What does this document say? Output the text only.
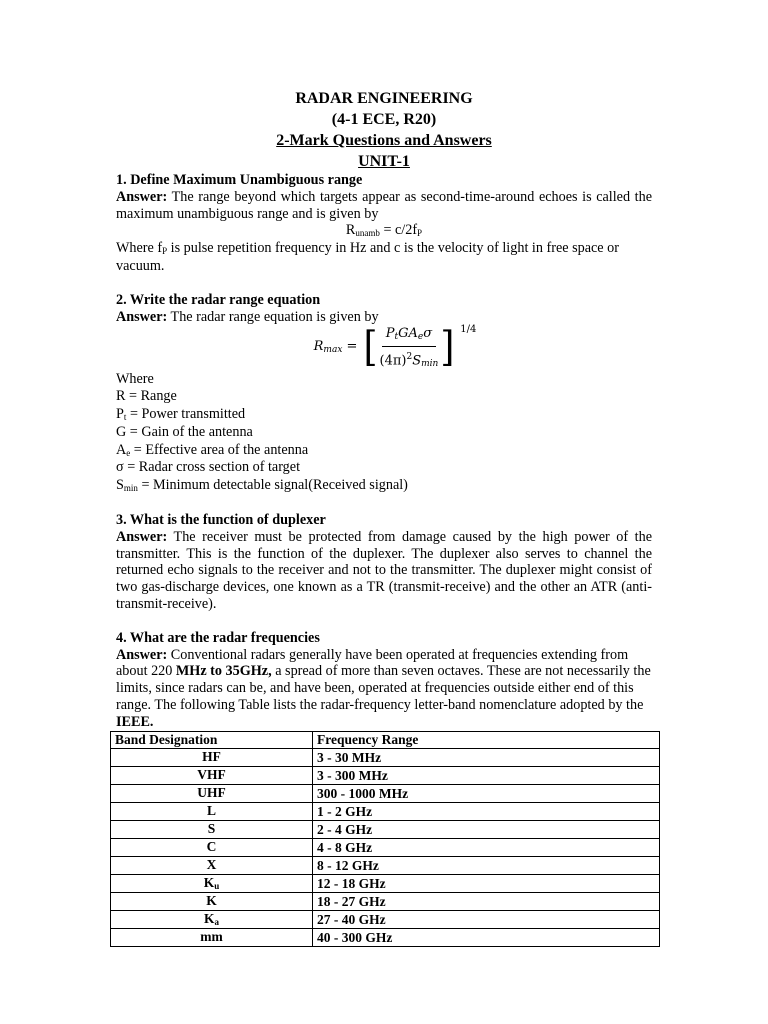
RADAR ENGINEERING
(4-1 ECE, R20)
2-Mark Questions and Answers
UNIT-1

1. Define Maximum Unambiguous range

Answer: The range beyond which targets appear as second-time-around echoes is called the maximum unambiguous range and is given by

$R_{unamb} = c/2f_P$

Where $f_P$ is pulse repetition frequency in Hz and c is the velocity of light in free space or vacuum.

2. Write the radar range equation

Answer: The radar range equation is given by

$R_{max}$ = [ $\frac{P_tGA_e\sigma}{(4\pi)^2S_{min}}$ ] 1/4

Where

R = Range

$P_t$ = Power transmitted

G = Gain of the antenna

$A_e$ = Effective area of the antenna

σ = Radar cross section of target

$S_{min}$ = Minimum detectable signal(Received signal)

3. What is the function of duplexer

Answer: The receiver must be protected from damage caused by the high power of the transmitter. This is the function of the duplexer. The duplexer also serves to channel the returned echo signals to the receiver and not to the transmitter. The duplexer might consist of two gas-discharge devices, one known as a TR (transmit-receive) and the other an ATR (anti-transmit-receive).

4. What are the radar frequencies

Answer: Conventional radars generally have been operated at frequencies extending from about 220 MHz to 35GHz, a spread of more than seven octaves. These are not necessarily the limits, since radars can be, and have been, operated at frequencies outside either end of this range. The following Table lists the radar-frequency letter-band nomenclature adopted by the IEEE.

Band Designation	Frequency Range
HF	3 - 30 MHz
VHF	3 - 300 MHz
UHF	300 - 1000 MHz
L	1 - 2 GHz
S	2 - 4 GHz
C	4 - 8 GHz
X	8 - 12 GHz
$K_u$	12 - 18 GHz
K	18 - 27 GHz
$K_a$	27 - 40 GHz
mm	40 - 300 GHz
